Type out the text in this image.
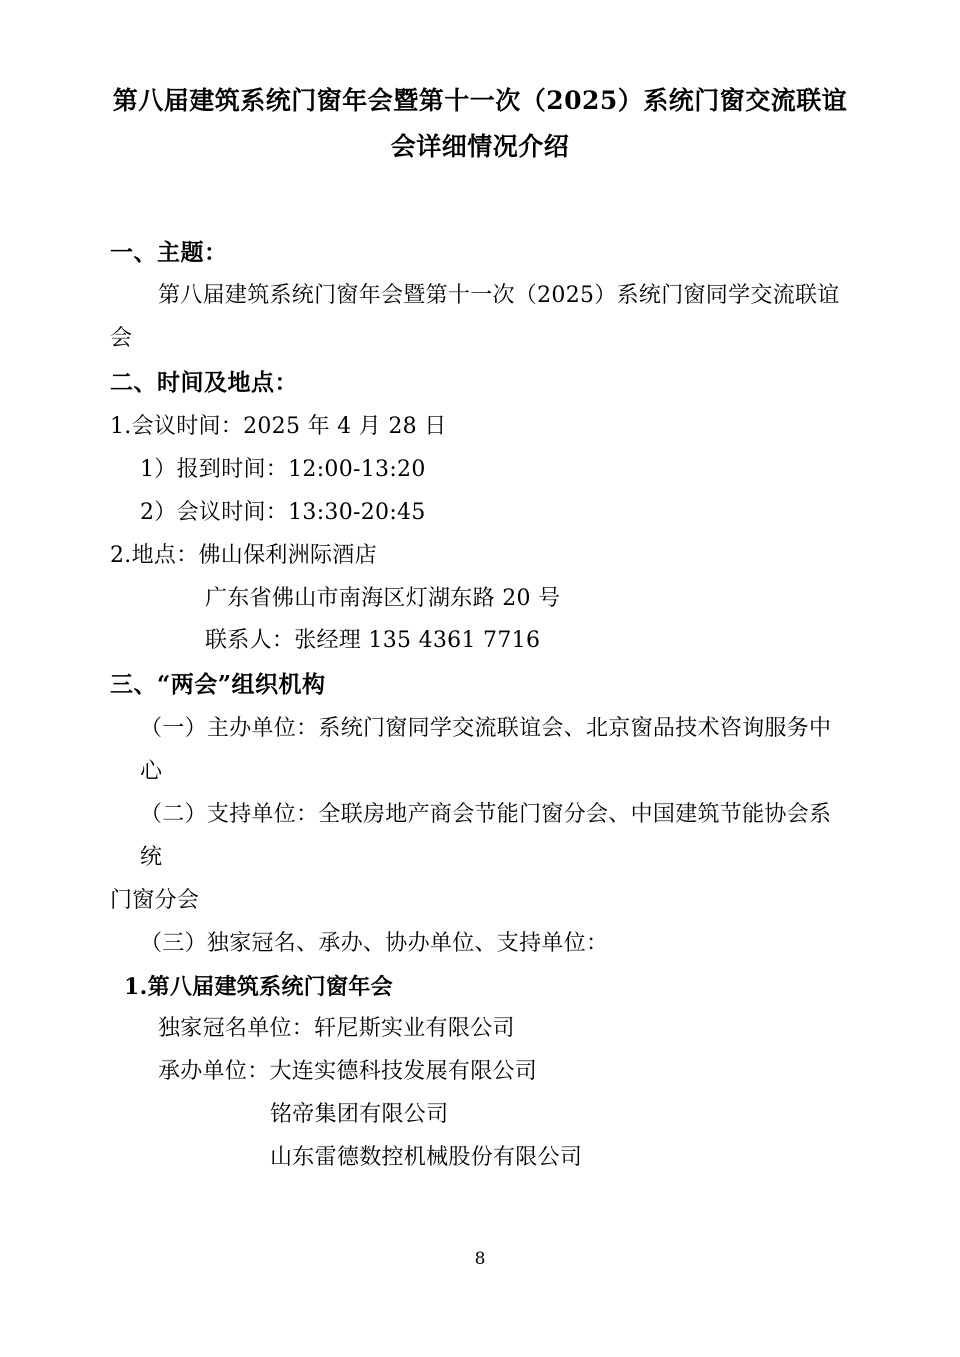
第八届建筑系统门窗年会暨第十一次（2025）系统门窗交流联谊
会详细情况介绍

一、主题：

第八届建筑系统门窗年会暨第十一次（2025）系统门窗同学交流联谊

会

二、时间及地点：

1.会议时间：2025 年 4 月 28 日

1）报到时间：12:00-13:20

2）会议时间：13:30-20:45

2.地点：佛山保利洲际酒店

广东省佛山市南海区灯湖东路 20 号

联系人：张经理 135 4361 7716

三、“两会”组织机构

（一）主办单位：系统门窗同学交流联谊会、北京窗品技术咨询服务中心

（二）支持单位：全联房地产商会节能门窗分会、中国建筑节能协会系统

门窗分会

（三）独家冠名、承办、协办单位、支持单位：

1.第八届建筑系统门窗年会

独家冠名单位：轩尼斯实业有限公司

承办单位：大连实德科技发展有限公司

铭帝集团有限公司

山东雷德数控机械股份有限公司

8
